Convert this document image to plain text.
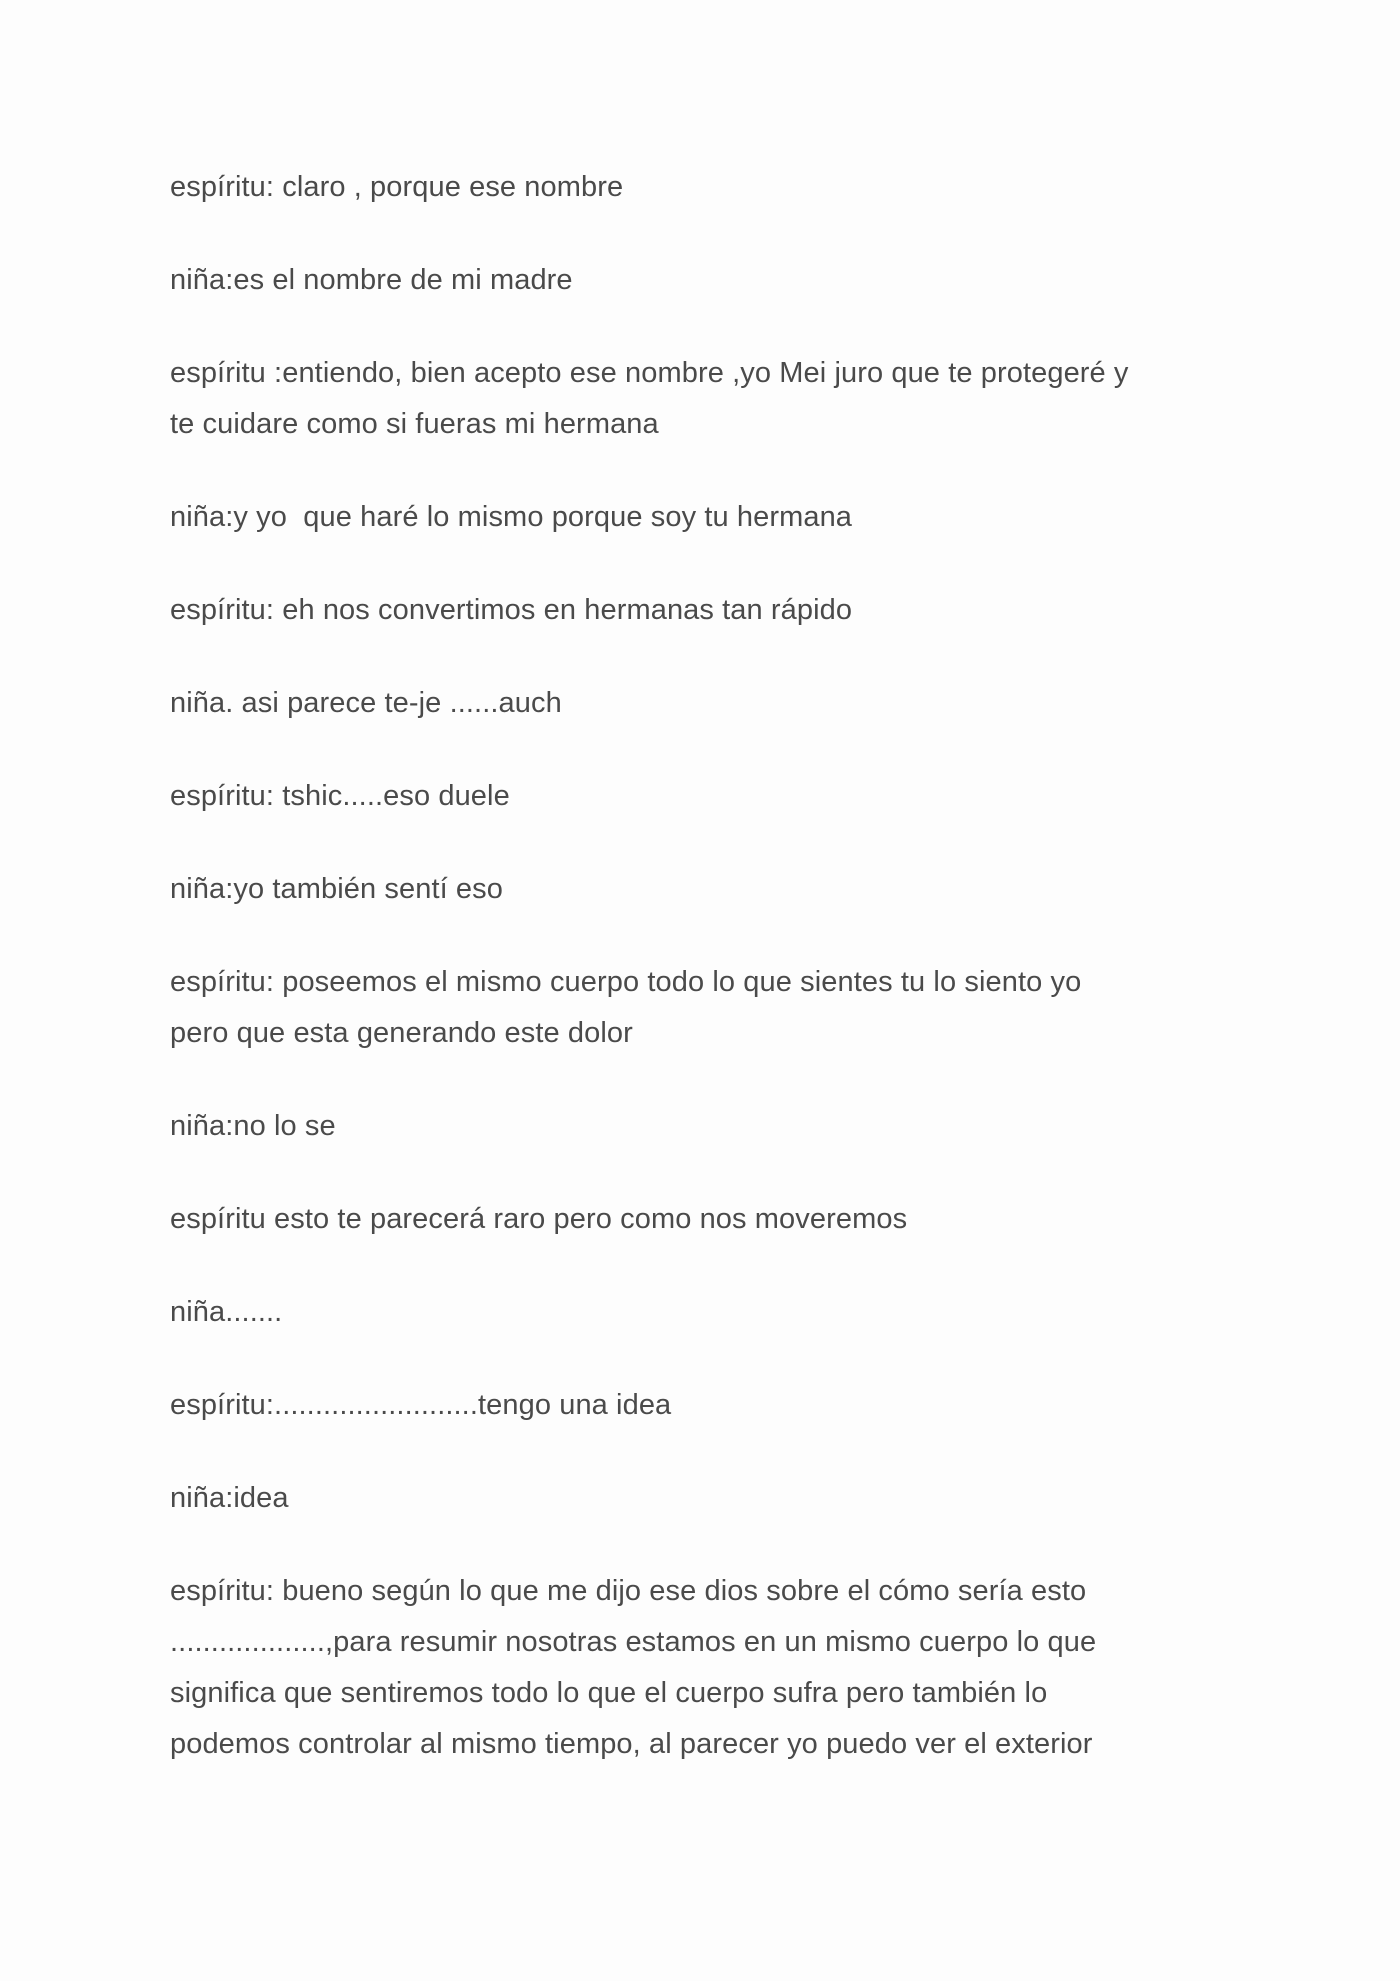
espíritu: claro , porque ese nombre

niña:es el nombre de mi madre

espíritu :entiendo, bien acepto ese nombre ,yo Mei juro que te protegeré y
te cuidare como si fueras mi hermana

niña:y yo  que haré lo mismo porque soy tu hermana

espíritu: eh nos convertimos en hermanas tan rápido

niña. asi parece te-je ......auch

espíritu: tshic.....eso duele

niña:yo también sentí eso

espíritu: poseemos el mismo cuerpo todo lo que sientes tu lo siento yo
pero que esta generando este dolor

niña:no lo se

espíritu esto te parecerá raro pero como nos moveremos

niña.......

espíritu:.........................tengo una idea

niña:idea

espíritu: bueno según lo que me dijo ese dios sobre el cómo sería esto
...................,para resumir nosotras estamos en un mismo cuerpo lo que
significa que sentiremos todo lo que el cuerpo sufra pero también lo
podemos controlar al mismo tiempo, al parecer yo puedo ver el exterior
